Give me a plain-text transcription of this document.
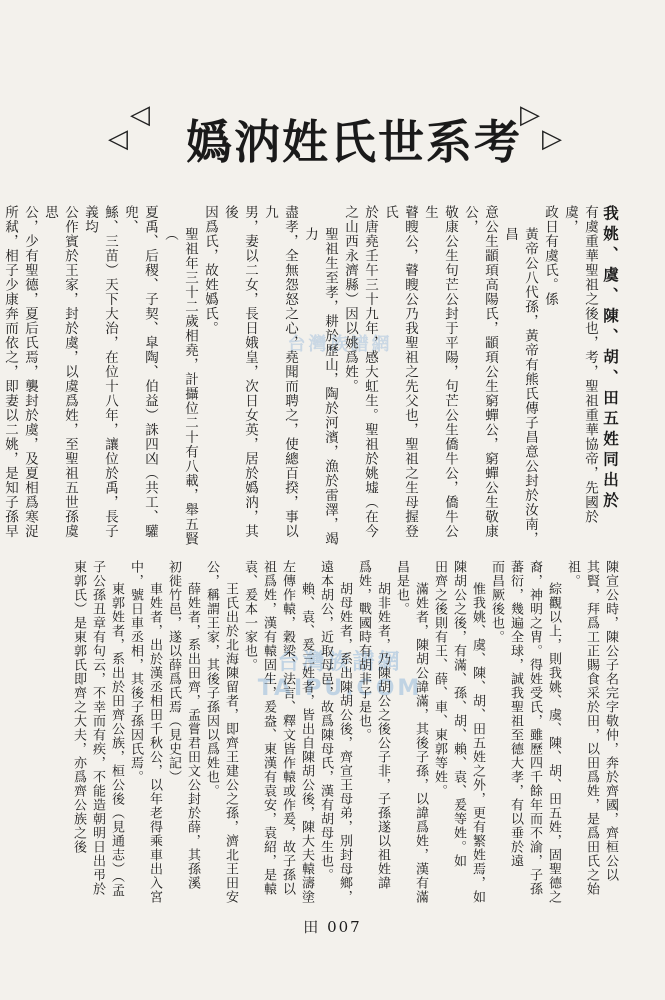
◁
◁ 嬀汭姓氏世系考
▷
▷
台灣族譜網	我姚、虞、陳、胡、田五姓同出於

有虞重華聖祖之後也，考，聖祖重華協帝，先國於虞，

政日有虞氏。係

黃帝公八代孫，黃帝有熊氏傳子昌意公封於汝南，昌

意公生顓頊高陽氏，顓頊公生窮蟬公，窮蟬公生敬康公，

敬康公生句芒公封于平陽，句芒公生僑牛公，僑牛公生

瞽瞍公，瞽瞍公乃我聖祖之先父也，聖祖之生母握登氏

於唐堯壬午三十九年，感大虹生。聖祖於姚墟（在今

之山西永濟縣）因以姚爲姓。

聖祖生至孝，耕於歷山，陶於河濱，漁於雷澤，竭力

盡孝，全無怨怒之心，堯聞而聘之，使總百揆，事以九

男，妻以二女，長日娥皇，次日女英，居於嬀汭，其後

因爲氏，故姓嬀氏。

聖祖年三十二歲相堯，計攝位二十有八載，舉五賢（

夏禹、后稷、子契、皐陶、伯益）誅四凶（共工、驩兜、

鯀、三苗）天下大治，在位十八年，讓位於禹，長子義均

公作賓於王家，封於虞，以虞爲姓，至聖祖五世孫虞思

公，少有聖德，夏后氏焉，襲封於虞，及夏相爲寒浞

所弒，相子少康奔而依之，即妻以二姚，是知子孫早

台灣族譜網 TAIPU.COM	陳宣公時，陳公子名完字敬仲，奔於齊國，齊桓公以

其賢，拜爲工正賜食采於田，以田爲姓，是爲田氏之始

祖。

綜觀以上，則我姚、虞、陳、胡、田五姓，固聖德之

裔，神明之胄。得姓受氏，雖歷四千餘年而不渝，子孫

蕃衍，幾遍全球，誠我聖祖至德大孝，有以垂於遠

而昌厥後也。

惟我姚、虞、陳、胡、田五姓之外，更有繁姓焉，如

陳胡公之後，有滿、孫、胡、賴、袁、爰等姓。如

田齊之後則有王、薛、車、東郭等姓。

滿姓者，陳胡公諱滿，其後子孫，以諱爲姓，漢有滿

昌是也。

胡非姓者，乃陳胡公之後公子非，子孫遂以祖姓諱

爲姓，戰國時有胡非子是也。

胡母姓者，系出陳胡公後，齊宣王母弟，別封母鄉，

遠本胡公，近取母邑，故爲陳母氏，漢有胡母生也。

賴、袁、爰三姓者，皆出自陳胡公後，陳大夫轅濤塗

左傳作轅，穀梁、法言、釋文皆作轅或作爰，故子孫以

祖爲姓，漢有轅固生，爰盎、東漢有袁安，袁紹，是轅

袁、爰本一家也。

王氏出於北海陳留者，即齊王建公之孫，濟北王田安

公，稱謂王家，其後子孫因以爲姓也。

薛姓者，系出田齊，孟嘗君田文公封於薛，其孫溪

初徙竹邑，遂以薛爲氏焉（見史記）

車姓者，出於漢丞相田千秋公，以年老得乘車出入宮

中，號日車丞相，其後子孫因氏焉。

東郭姓者，系出於田齊公族，桓公後（見通志）（孟

子公孫丑章有句云，不幸而有疾，不能造朝明日出弔於

東郭氏）是東郭氏即齊之大夫，亦爲齊公族之後

田 007
